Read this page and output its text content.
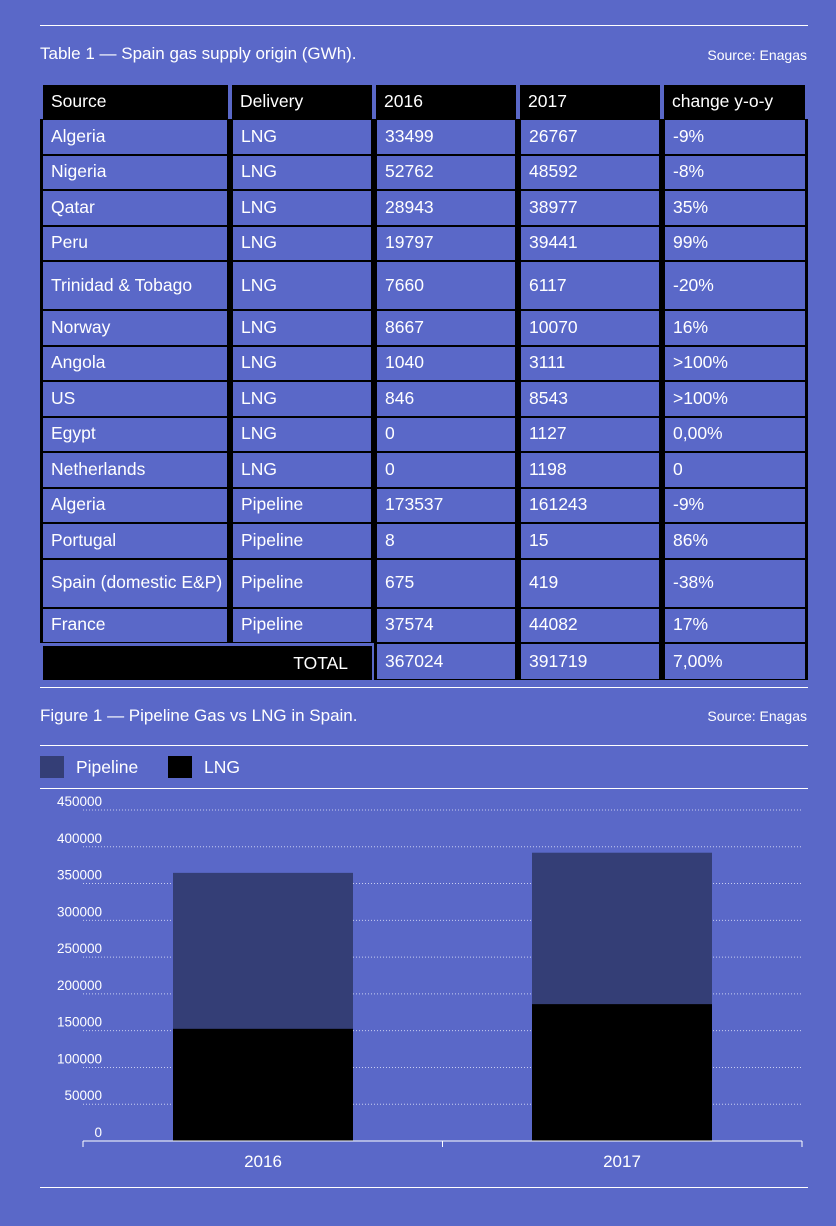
Table 1 — Spain gas supply origin (GWh).	Source: Enagas
Source	Delivery	2016	2017	change y-o-y
Algeria	LNG	33499	26767	-9%
Nigeria	LNG	52762	48592	-8%
Qatar	LNG	28943	38977	35%
Peru	LNG	19797	39441	99%
Trinidad & Tobago	LNG	7660	6117	-20%
Norway	LNG	8667	10070	16%
Angola	LNG	1040	3111	>100%
US	LNG	846	8543	>100%
Egypt	LNG	0	1127	0,00%
Netherlands	LNG	0	1198	0
Algeria	Pipeline	173537	161243	-9%
Portugal	Pipeline	8	15	86%
Spain (domestic E&P)	Pipeline	675	419	-38%
France	Pipeline	37574	44082	17%
TOTAL	367024	391719	7,00%
Figure 1 — Pipeline Gas vs LNG in Spain.	Source: Enagas
Pipeline	LNG
0
50000
100000
150000
200000
250000
300000
350000
400000
450000
2016	2017
